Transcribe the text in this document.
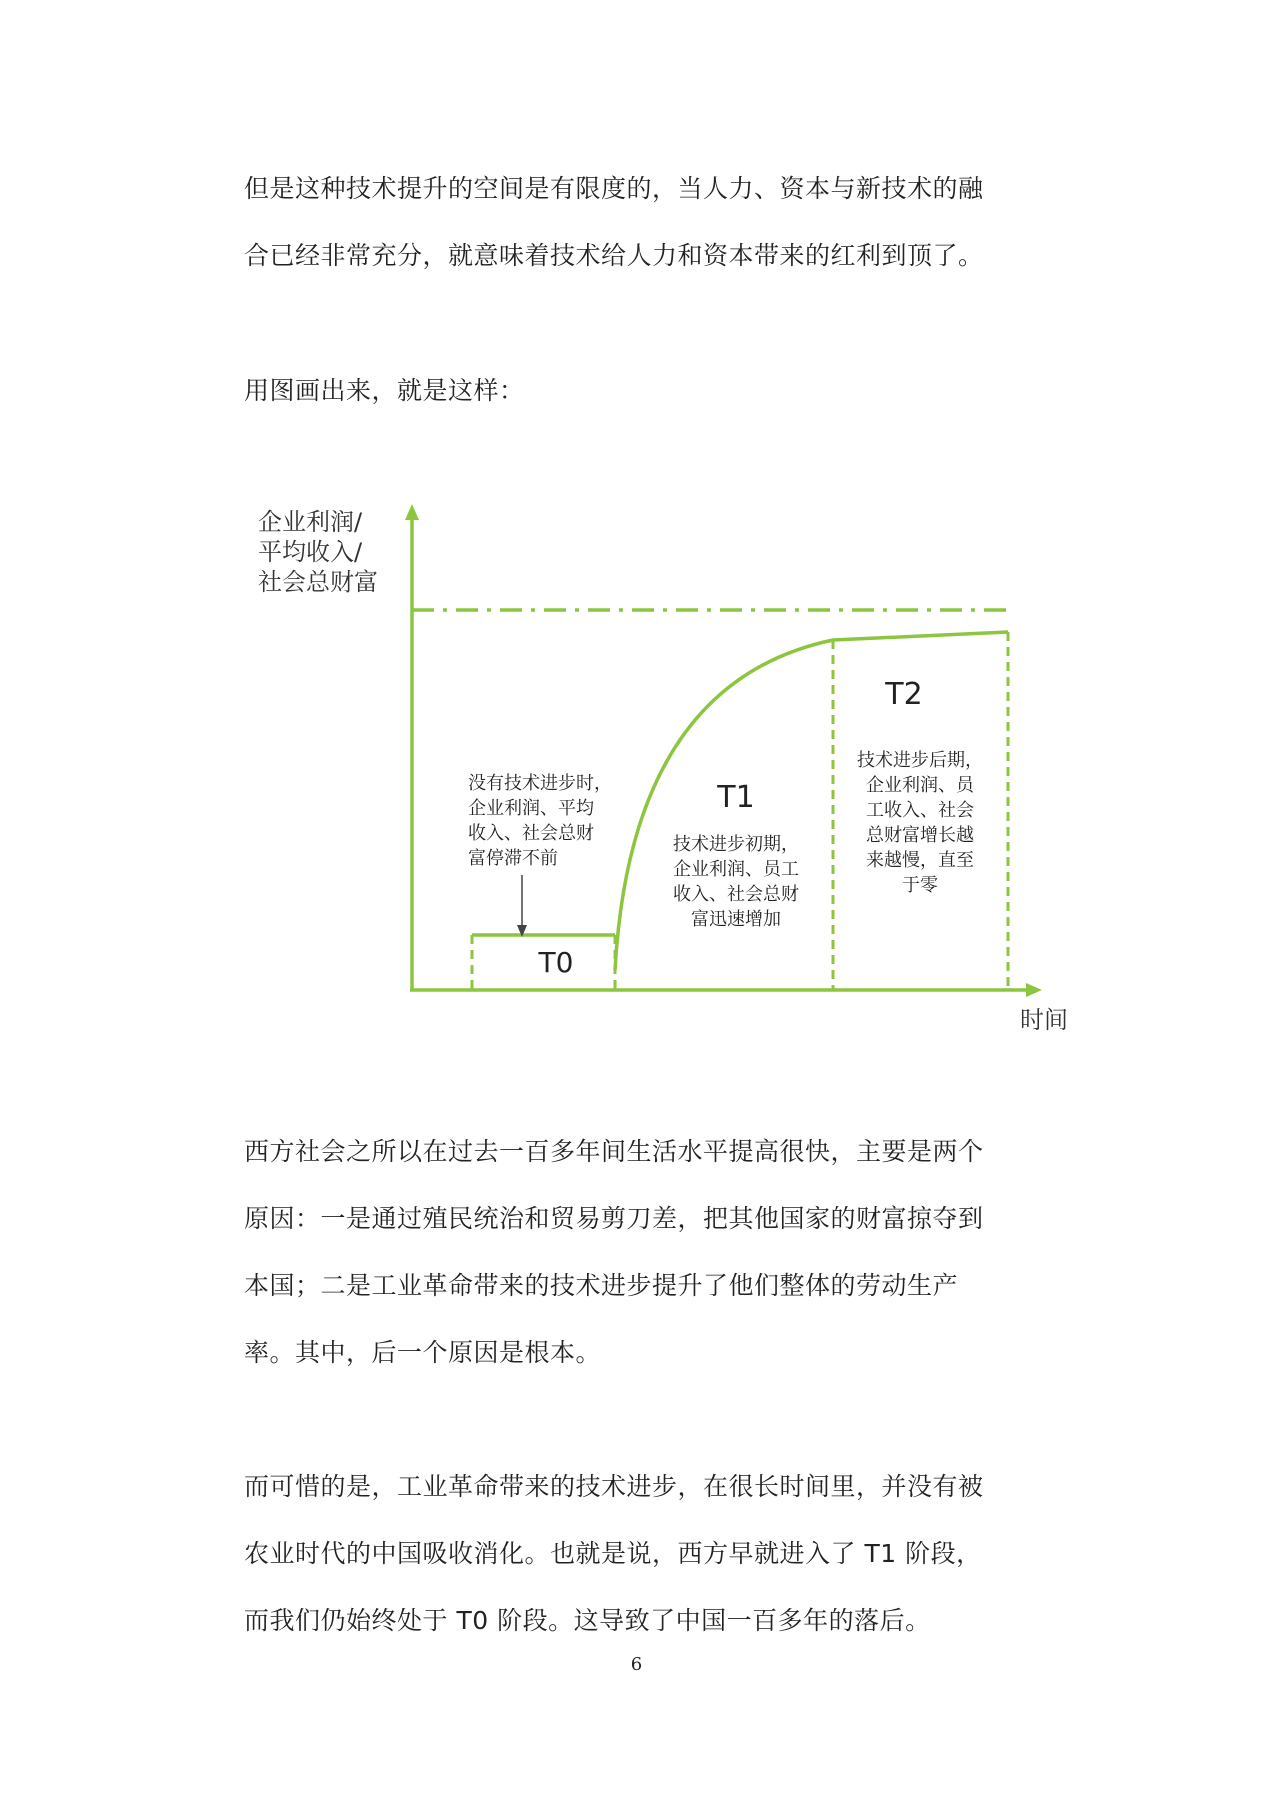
但是这种技术提升的空间是有限度的，当人力、资本与新技术的融
合已经非常充分，就意味着技术给人力和资本带来的红利到顶了。
用图画出来，就是这样：
企业利润/
平均收入/
社会总财富
T0
T1
T2
没有技术进步时，
企业利润、平均
收入、社会总财
富停滞不前
技术进步初期，
企业利润、员工
收入、社会总财
富迅速增加
技术进步后期，
企业利润、员
工收入、社会
总财富增长越
来越慢，直至
于零
时间
西方社会之所以在过去一百多年间生活水平提高很快，主要是两个
原因：一是通过殖民统治和贸易剪刀差，把其他国家的财富掠夺到
本国；二是工业革命带来的技术进步提升了他们整体的劳动生产
率。其中，后一个原因是根本。
而可惜的是，工业革命带来的技术进步，在很长时间里，并没有被
农业时代的中国吸收消化。也就是说，西方早就进入了 T1 阶段，
而我们仍始终处于 T0 阶段。这导致了中国一百多年的落后。
6
